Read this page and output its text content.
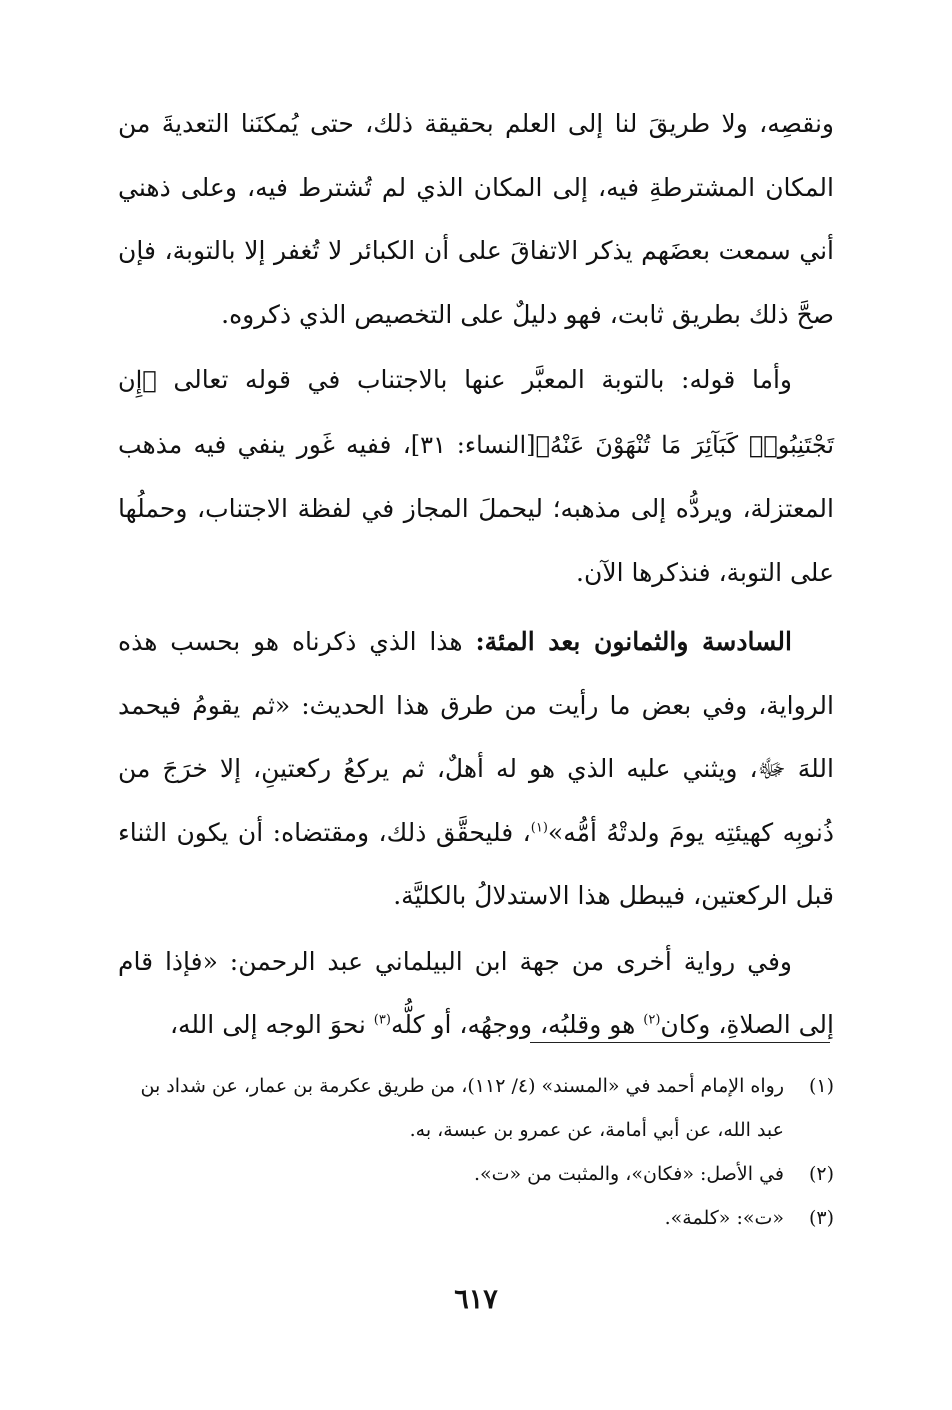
ونقصِه، ولا طريقَ لنا إلى العلم بحقيقة ذلك، حتى يُمكنَنا التعديةَ من المكان المشترطةِ فيه، إلى المكان الذي لم تُشترط فيه، وعلى ذهني أني سمعت بعضَهم يذكر الاتفاقَ على أن الكبائر لا تُغفر إلا بالتوبة، فإن صحَّ ذلك بطريق ثابت، فهو دليلٌ على التخصيص الذي ذكروه.

وأما قوله: بالتوبة المعبَّر عنها بالاجتناب في قوله تعالى ﴿إِن تَجْتَنِبُوا۟ كَبَآئِرَ مَا تُنْهَوْنَ عَنْهُ﴾[النساء: ٣١]، ففيه غَور ينفي فيه مذهب المعتزلة، ويردُّه إلى مذهبه؛ ليحملَ المجاز في لفظة الاجتناب، وحملُها على التوبة، فنذكرها الآن.

السادسة والثمانون بعد المئة: هذا الذي ذكرناه هو بحسب هذه الرواية، وفي بعض ما رأيت من طرق هذا الحديث: «ثم يقومُ فيحمد اللهَ ﷻ، ويثني عليه الذي هو له أهلٌ، ثم يركعُ ركعتينِ، إلا خرَجَ من ذُنوبِه كهيئتِه يومَ ولدتْهُ أمُّه»$^{(١)}$، فليحقَّق ذلك، ومقتضاه: أن يكون الثناء قبل الركعتين، فيبطل هذا الاستدلالُ بالكليَّة.

وفي رواية أخرى من جهة ابن البيلماني عبد الرحمن: «فإذا قام إلى الصلاةِ، وكان$^{(٢)}$ هو وقلبُه، ووجهُه، أو كلُّه$^{(٣)}$ نحوَ الوجه إلى الله،

(١)
رواه الإمام أحمد في «المسند» (٤/ ١١٢)، من طريق عكرمة بن عمار، عن شداد بن عبد الله، عن أبي أمامة، عن عمرو بن عبسة، به.

(٢)
في الأصل: «فكان»، والمثبت من «ت».

(٣)
«ت»: «كلمة».

٦١٧
